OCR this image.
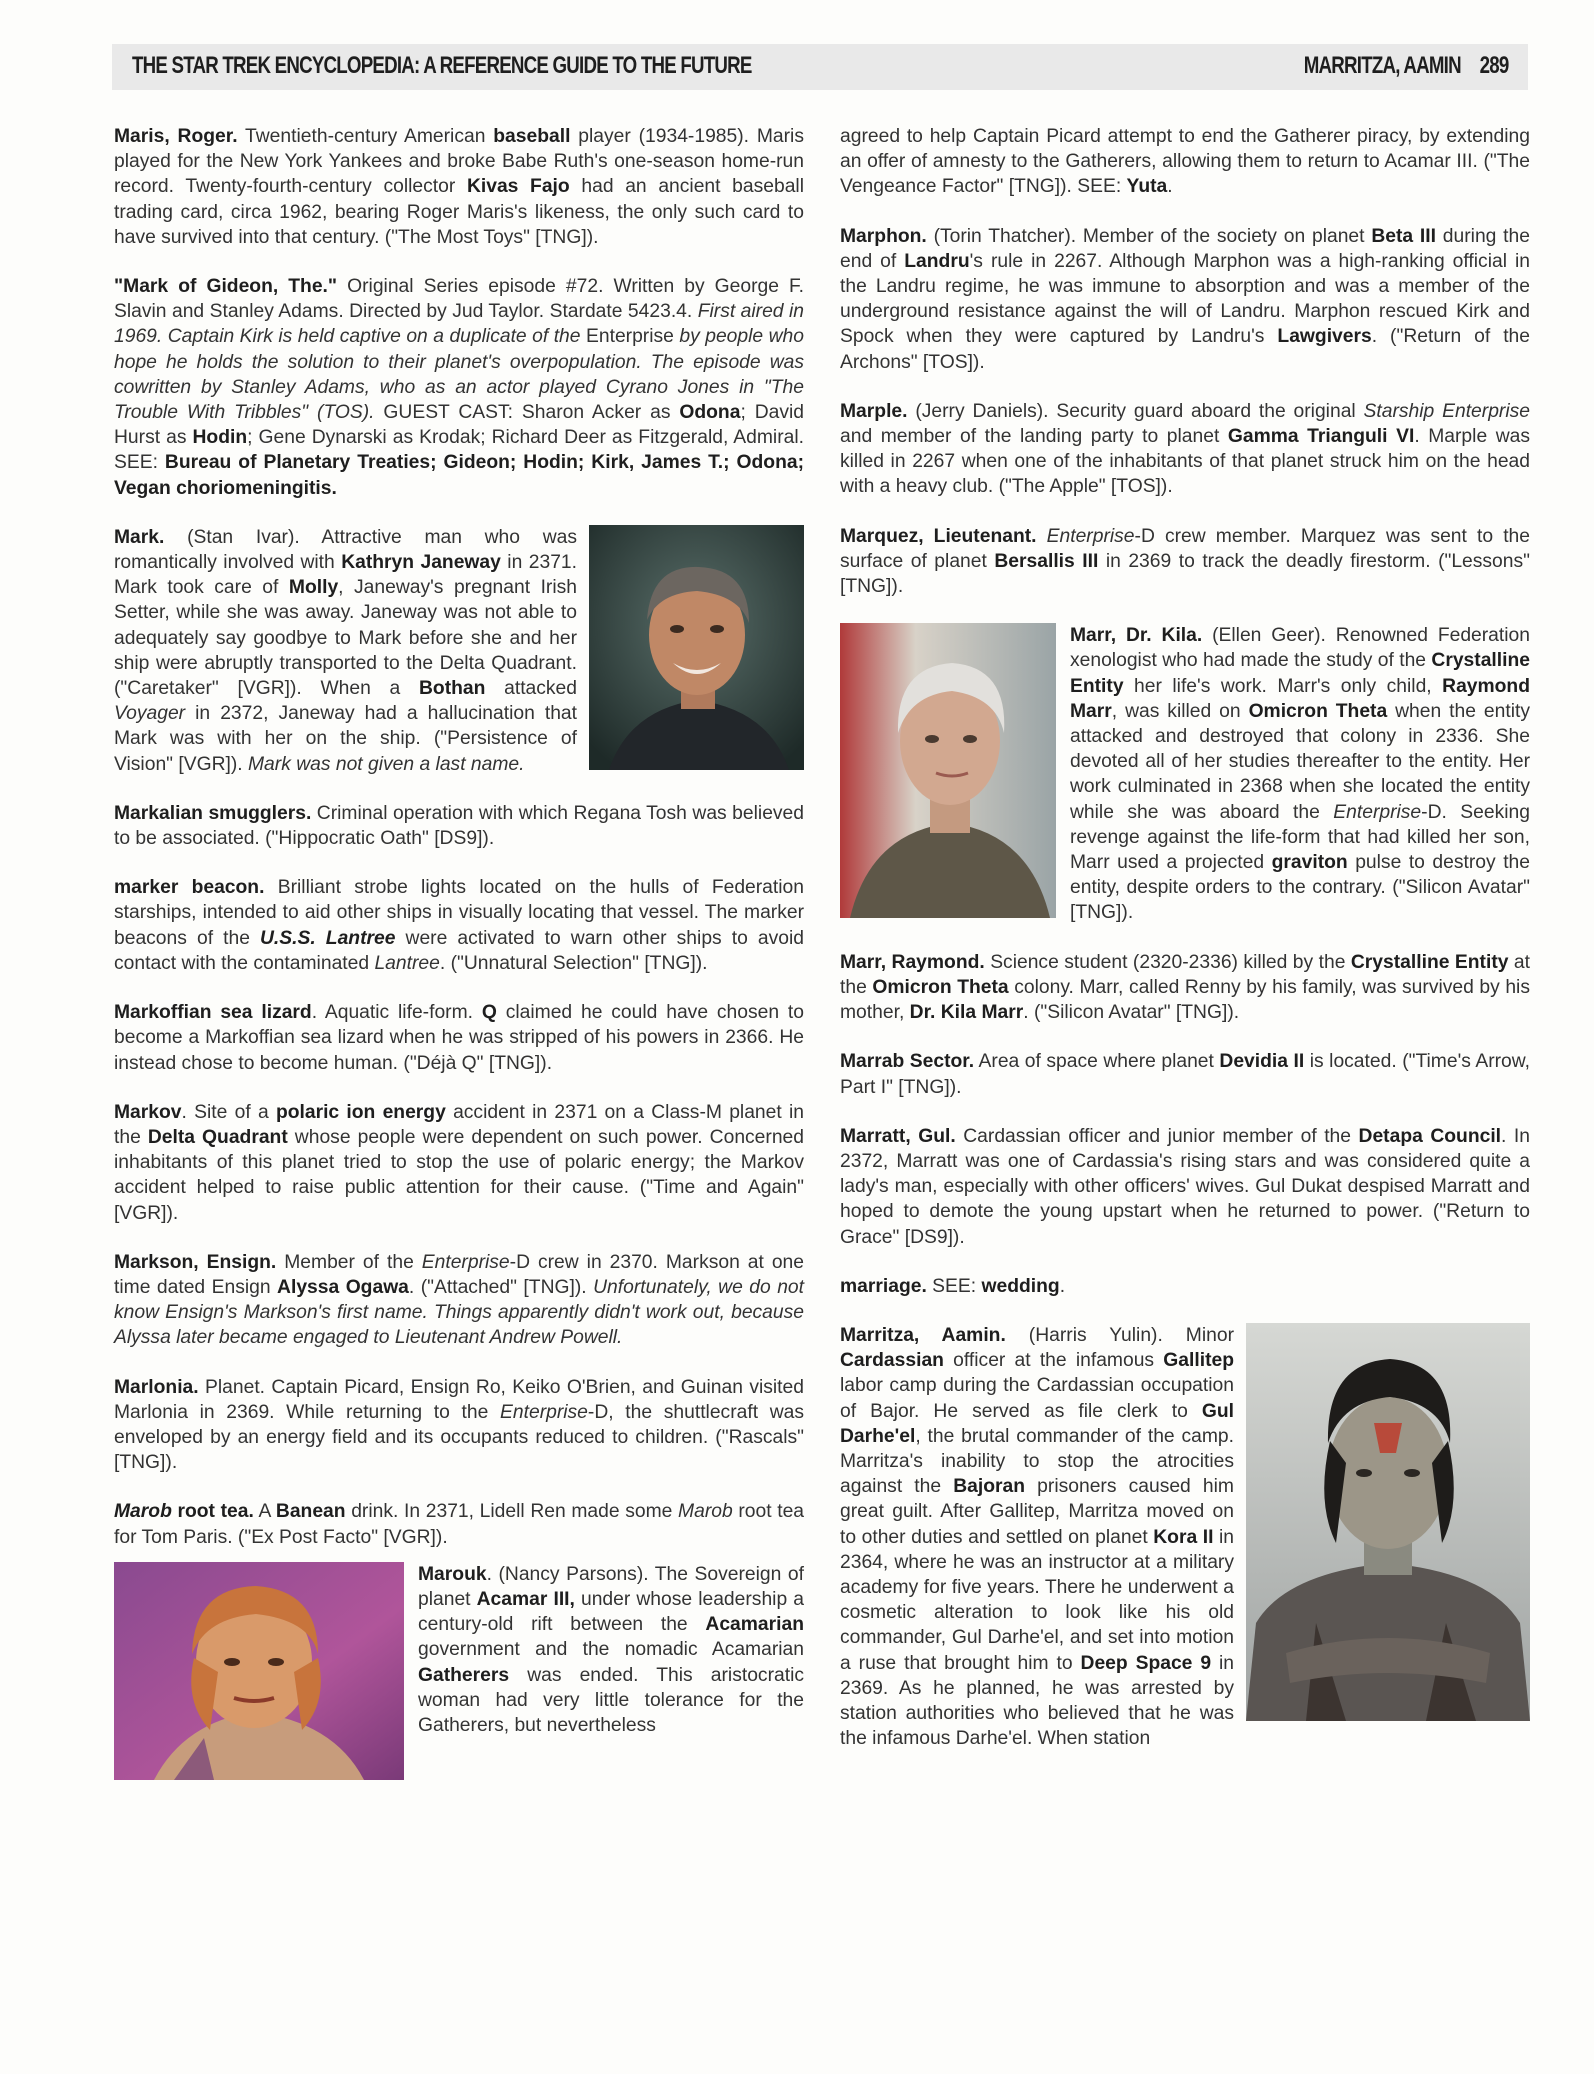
THE STAR TREK ENCYCLOPEDIA: A REFERENCE GUIDE TO THE FUTURE	MARRITZA, AAMIN 289

Maris, Roger. Twentieth-century American baseball player (1934-1985). Maris played for the New York Yankees and broke Babe Ruth's one-season home-run record. Twenty-fourth-century collector Kivas Fajo had an ancient baseball trading card, circa 1962, bearing Roger Maris's likeness, the only such card to have survived into that century. ("The Most Toys" [TNG]).

"Mark of Gideon, The." Original Series episode #72. Written by George F. Slavin and Stanley Adams. Directed by Jud Taylor. Stardate 5423.4. First aired in 1969. Captain Kirk is held captive on a duplicate of the Enterprise by people who hope he holds the solution to their planet's overpopulation. The episode was cowritten by Stanley Adams, who as an actor played Cyrano Jones in "The Trouble With Tribbles" (TOS). GUEST CAST: Sharon Acker as Odona; David Hurst as Hodin; Gene Dynarski as Krodak; Richard Deer as Fitzgerald, Admiral. SEE: Bureau of Planetary Treaties; Gideon; Hodin; Kirk, James T.; Odona; Vegan choriomeningitis.

Mark. (Stan Ivar). Attractive man who was romantically involved with Kathryn Janeway in 2371. Mark took care of Molly, Janeway's pregnant Irish Setter, while she was away. Janeway was not able to adequately say goodbye to Mark before she and her ship were abruptly transported to the Delta Quadrant. ("Caretaker" [VGR]). When a Bothan attacked Voyager in 2372, Janeway had a hallucination that Mark was with her on the ship. ("Persistence of Vision" [VGR]). Mark was not given a last name.

Markalian smugglers. Criminal operation with which Regana Tosh was believed to be associated. ("Hippocratic Oath" [DS9]).

marker beacon. Brilliant strobe lights located on the hulls of Federation starships, intended to aid other ships in visually locating that vessel. The marker beacons of the U.S.S. Lantree were activated to warn other ships to avoid contact with the contaminated Lantree. ("Unnatural Selection" [TNG]).

Markoffian sea lizard. Aquatic life-form. Q claimed he could have chosen to become a Markoffian sea lizard when he was stripped of his powers in 2366. He instead chose to become human. ("Déjà Q" [TNG]).

Markov. Site of a polaric ion energy accident in 2371 on a Class-M planet in the Delta Quadrant whose people were dependent on such power. Concerned inhabitants of this planet tried to stop the use of polaric energy; the Markov accident helped to raise public attention for their cause. ("Time and Again" [VGR]).

Markson, Ensign. Member of the Enterprise-D crew in 2370. Markson at one time dated Ensign Alyssa Ogawa. ("Attached" [TNG]). Unfortunately, we do not know Ensign's Markson's first name. Things apparently didn't work out, because Alyssa later became engaged to Lieutenant Andrew Powell.

Marlonia. Planet. Captain Picard, Ensign Ro, Keiko O'Brien, and Guinan visited Marlonia in 2369. While returning to the Enterprise-D, the shuttlecraft was enveloped by an energy field and its occupants reduced to children. ("Rascals" [TNG]).

Marob root tea. A Banean drink. In 2371, Lidell Ren made some Marob root tea for Tom Paris. ("Ex Post Facto" [VGR]).

Marouk. (Nancy Parsons). The Sovereign of planet Acamar III, under whose leadership a century-old rift between the Acamarian government and the nomadic Acamarian Gatherers was ended. This aristocratic woman had very little tolerance for the Gatherers, but nevertheless

agreed to help Captain Picard attempt to end the Gatherer piracy, by extending an offer of amnesty to the Gatherers, allowing them to return to Acamar III. ("The Vengeance Factor" [TNG]). SEE: Yuta.

Marphon. (Torin Thatcher). Member of the society on planet Beta III during the end of Landru's rule in 2267. Although Marphon was a high-ranking official in the Landru regime, he was immune to absorption and was a member of the underground resistance against the will of Landru. Marphon rescued Kirk and Spock when they were captured by Landru's Lawgivers. ("Return of the Archons" [TOS]).

Marple. (Jerry Daniels). Security guard aboard the original Starship Enterprise and member of the landing party to planet Gamma Trianguli VI. Marple was killed in 2267 when one of the inhabitants of that planet struck him on the head with a heavy club. ("The Apple" [TOS]).

Marquez, Lieutenant. Enterprise-D crew member. Marquez was sent to the surface of planet Bersallis III in 2369 to track the deadly firestorm. ("Lessons" [TNG]).

Marr, Dr. Kila. (Ellen Geer). Renowned Federation xenologist who had made the study of the Crystalline Entity her life's work. Marr's only child, Raymond Marr, was killed on Omicron Theta when the entity attacked and destroyed that colony in 2336. She devoted all of her studies thereafter to the entity. Her work culminated in 2368 when she located the entity while she was aboard the Enterprise-D. Seeking revenge against the life-form that had killed her son, Marr used a projected graviton pulse to destroy the entity, despite orders to the contrary. ("Silicon Avatar" [TNG]).

Marr, Raymond. Science student (2320-2336) killed by the Crystalline Entity at the Omicron Theta colony. Marr, called Renny by his family, was survived by his mother, Dr. Kila Marr. ("Silicon Avatar" [TNG]).

Marrab Sector. Area of space where planet Devidia II is located. ("Time's Arrow, Part I" [TNG]).

Marratt, Gul. Cardassian officer and junior member of the Detapa Council. In 2372, Marratt was one of Cardassia's rising stars and was considered quite a lady's man, especially with other officers' wives. Gul Dukat despised Marratt and hoped to demote the young upstart when he returned to power. ("Return to Grace" [DS9]).

marriage. SEE: wedding.

Marritza, Aamin. (Harris Yulin). Minor Cardassian officer at the infamous Gallitep labor camp during the Cardassian occupation of Bajor. He served as file clerk to Gul Darhe'el, the brutal commander of the camp. Marritza's inability to stop the atrocities against the Bajoran prisoners caused him great guilt. After Gallitep, Marritza moved on to other duties and settled on planet Kora II in 2364, where he was an instructor at a military academy for five years. There he underwent a cosmetic alteration to look like his old commander, Gul Darhe'el, and set into motion a ruse that brought him to Deep Space 9 in 2369. As he planned, he was arrested by station authorities who believed that he was the infamous Darhe'el. When station
